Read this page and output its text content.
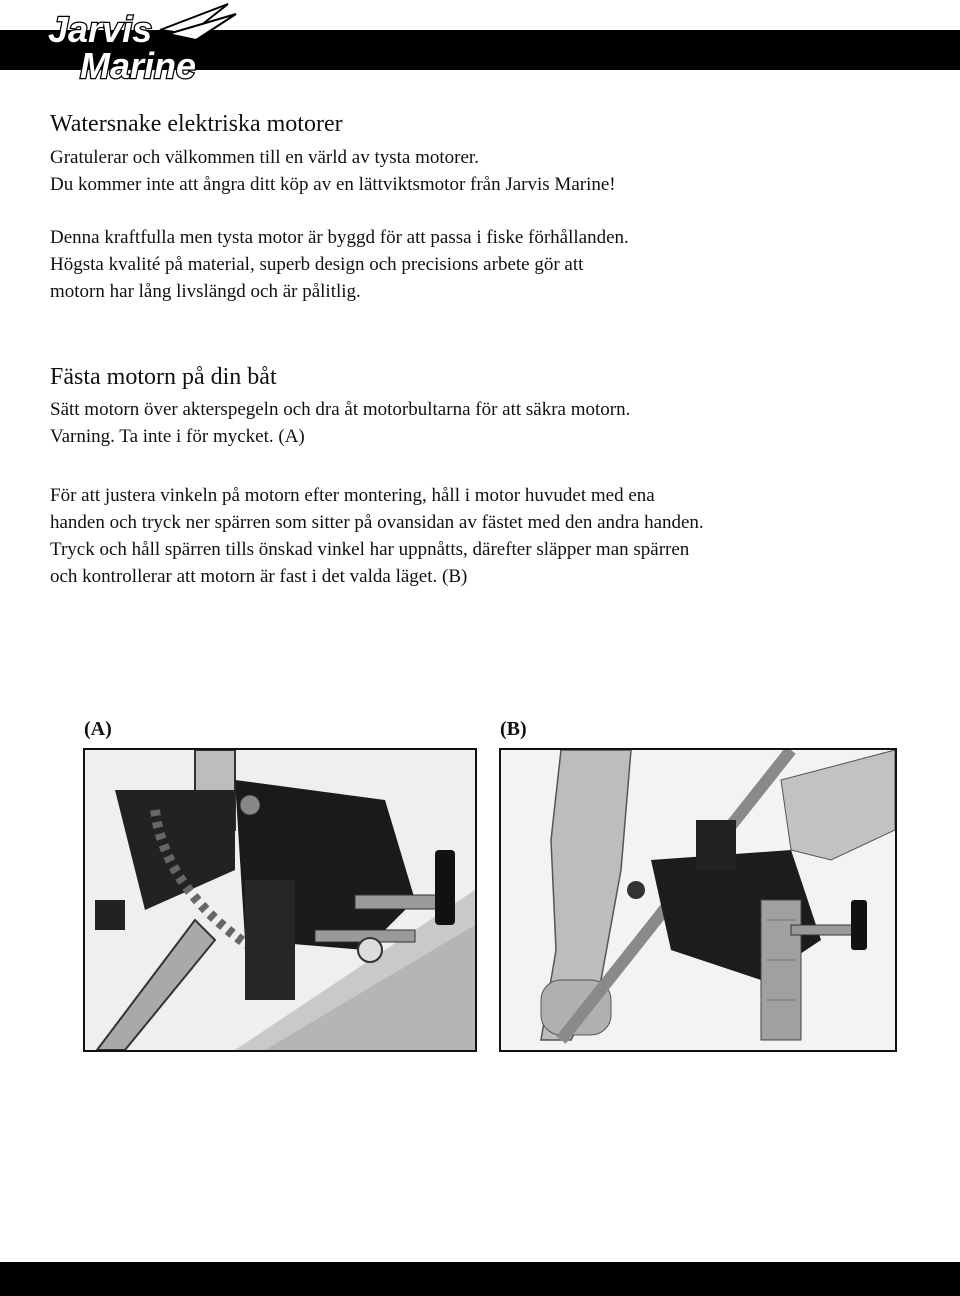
Jarvis
Marine ®
Watersnake elektriska motorer

Gratulerar och välkommen till en värld av tysta motorer.
Du kommer inte att ångra ditt köp av en lättviktsmotor från Jarvis Marine!

Denna kraftfulla men tysta motor är byggd för att passa i fiske förhållanden.
Högsta kvalité på material, superb design och precisions arbete gör att
motorn har lång livslängd och är pålitlig.

Fästa motorn på din båt

Sätt motorn över akterspegeln och dra åt motorbultarna för att säkra motorn.
Varning. Ta inte i för mycket. (A)

För att justera vinkeln på motorn efter montering, håll i motor huvudet med ena
handen och tryck ner spärren som sitter på ovansidan av fästet med den andra handen.
Tryck och håll spärren tills önskad vinkel har uppnåtts, därefter släpper man spärren
och kontrollerar att motorn är fast i det valda läget. (B)

(A)	(B)
